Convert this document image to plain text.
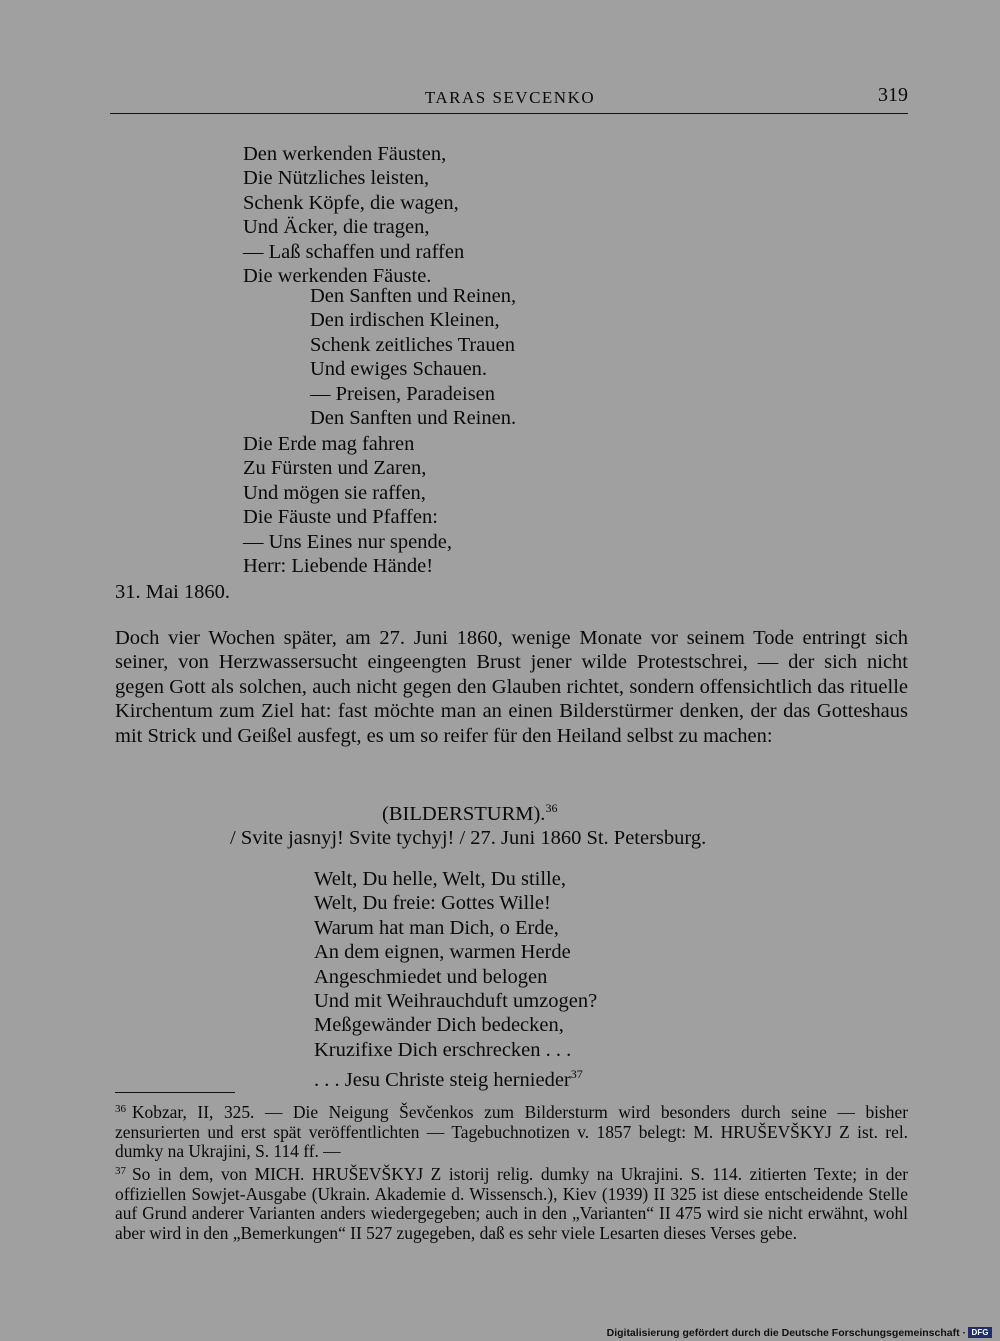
TARAS SEVCENKO	319
Den werkenden Fäusten,
Die Nützliches leisten,
Schenk Köpfe, die wagen,
Und Äcker, die tragen,
— Laß schaffen und raffen
Die werkenden Fäuste.
Den Sanften und Reinen,
Den irdischen Kleinen,
Schenk zeitliches Trauen
Und ewiges Schauen.
— Preisen, Paradeisen
Den Sanften und Reinen.
Die Erde mag fahren
Zu Fürsten und Zaren,
Und mögen sie raffen,
Die Fäuste und Pfaffen:
— Uns Eines nur spende,
Herr: Liebende Hände!
31. Mai 1860.

Doch vier Wochen später, am 27. Juni 1860, wenige Monate vor seinem Tode entringt sich seiner, von Herzwassersucht eingeengten Brust jener wilde Protestschrei, — der sich nicht gegen Gott als solchen, auch nicht gegen den Glauben richtet, sondern offensichtlich das rituelle Kirchentum zum Ziel hat: fast möchte man an einen Bilderstürmer denken, der das Gotteshaus mit Strick und Geißel ausfegt, es um so reifer für den Heiland selbst zu machen:

(BILDERSTURM).$^{36}$
/ Svite jasnyj! Svite tychyj! / 27. Juni 1860 St. Petersburg.
Welt, Du helle, Welt, Du stille,
Welt, Du freie: Gottes Wille!
Warum hat man Dich, o Erde,
An dem eignen, warmen Herde
Angeschmiedet und belogen
Und mit Weihrauchduft umzogen?
Meßgewänder Dich bedecken,
Kruzifixe Dich erschrecken . . .
. . . Jesu Christe steig hernieder$^{37}$

$^{36}$ Kobzar, II, 325. — Die Neigung Ševčenkos zum Bildersturm wird besonders durch seine — bisher zensurierten und erst spät veröffentlichten — Tagebuchnotizen v. 1857 belegt: M. HRUŠEVŠKYJ Z ist. rel. dumky na Ukrajini, S. 114 ff. —

$^{37}$ So in dem, von MICH. HRUŠEVŠKYJ Z istorij relig. dumky na Ukrajini. S. 114. zitierten Texte; in der offiziellen Sowjet-Ausgabe (Ukrain. Akademie d. Wissensch.), Kiev (1939) II 325 ist diese entscheidende Stelle auf Grund anderer Varianten anders wiedergegeben; auch in den „Varianten“ II 475 wird sie nicht erwähnt, wohl aber wird in den „Bemerkungen“ II 527 zugegeben, daß es sehr viele Lesarten dieses Verses gebe.

Digitalisierung gefördert durch die Deutsche Forschungsgemeinschaft · DFG
